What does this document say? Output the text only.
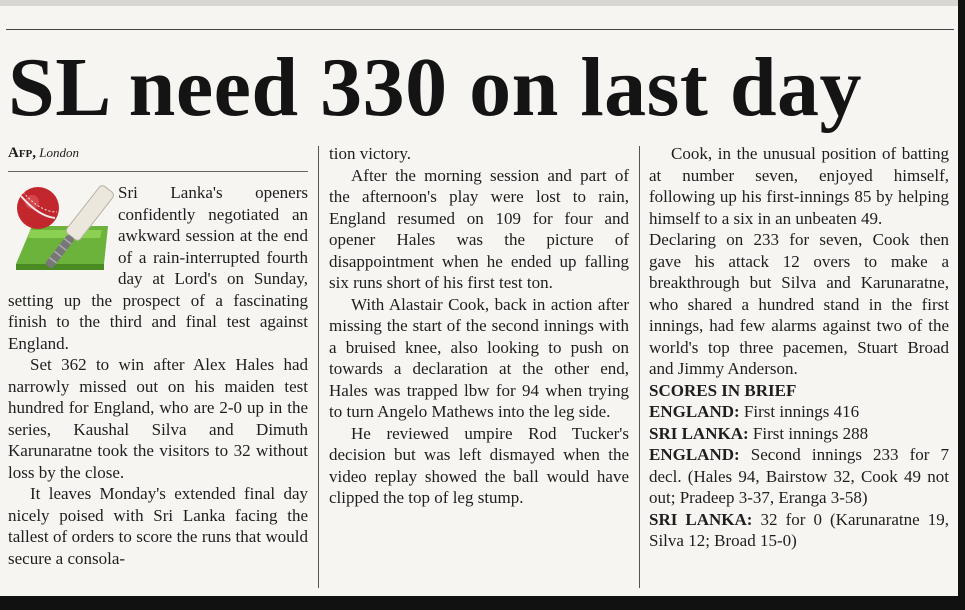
SL need 330 on last day
Afp, London

Sri Lanka's openers confidently negotiated an awkward session at the end of a rain-interrupted fourth day at Lord's on Sunday, setting up the prospect of a fascinating finish to the third and final test against England.

Set 362 to win after Alex Hales had narrowly missed out on his maiden test hundred for England, who are 2-0 up in the series, Kaushal Silva and Dimuth Karunaratne took the visitors to 32 without loss by the close.

It leaves Monday's extended final day nicely poised with Sri Lanka facing the tallest of orders to score the runs that would secure a consola-

tion victory.

After the morning session and part of the afternoon's play were lost to rain, England resumed on 109 for four and opener Hales was the picture of disappointment when he ended up falling six runs short of his first test ton.

With Alastair Cook, back in action after missing the start of the second innings with a bruised knee, also looking to push on towards a declaration at the other end, Hales was trapped lbw for 94 when trying to turn Angelo Mathews into the leg side.

He reviewed umpire Rod Tucker's decision but was left dismayed when the video replay showed the ball would have clipped the top of leg stump.

Cook, in the unusual position of batting at number seven, enjoyed himself, following up his first-innings 85 by helping himself to a six in an unbeaten 49.

Declaring on 233 for seven, Cook then gave his attack 12 overs to make a breakthrough but Silva and Karunaratne, who shared a hundred stand in the first innings, had few alarms against two of the world's top three pacemen, Stuart Broad and Jimmy Anderson.

SCORES IN BRIEF

ENGLAND: First innings 416

SRI LANKA: First innings 288

ENGLAND: Second innings 233 for 7 decl. (Hales 94, Bairstow 32, Cook 49 not out; Pradeep 3-37, Eranga 3-58)

SRI LANKA: 32 for 0 (Karunaratne 19, Silva 12; Broad 15-0)
